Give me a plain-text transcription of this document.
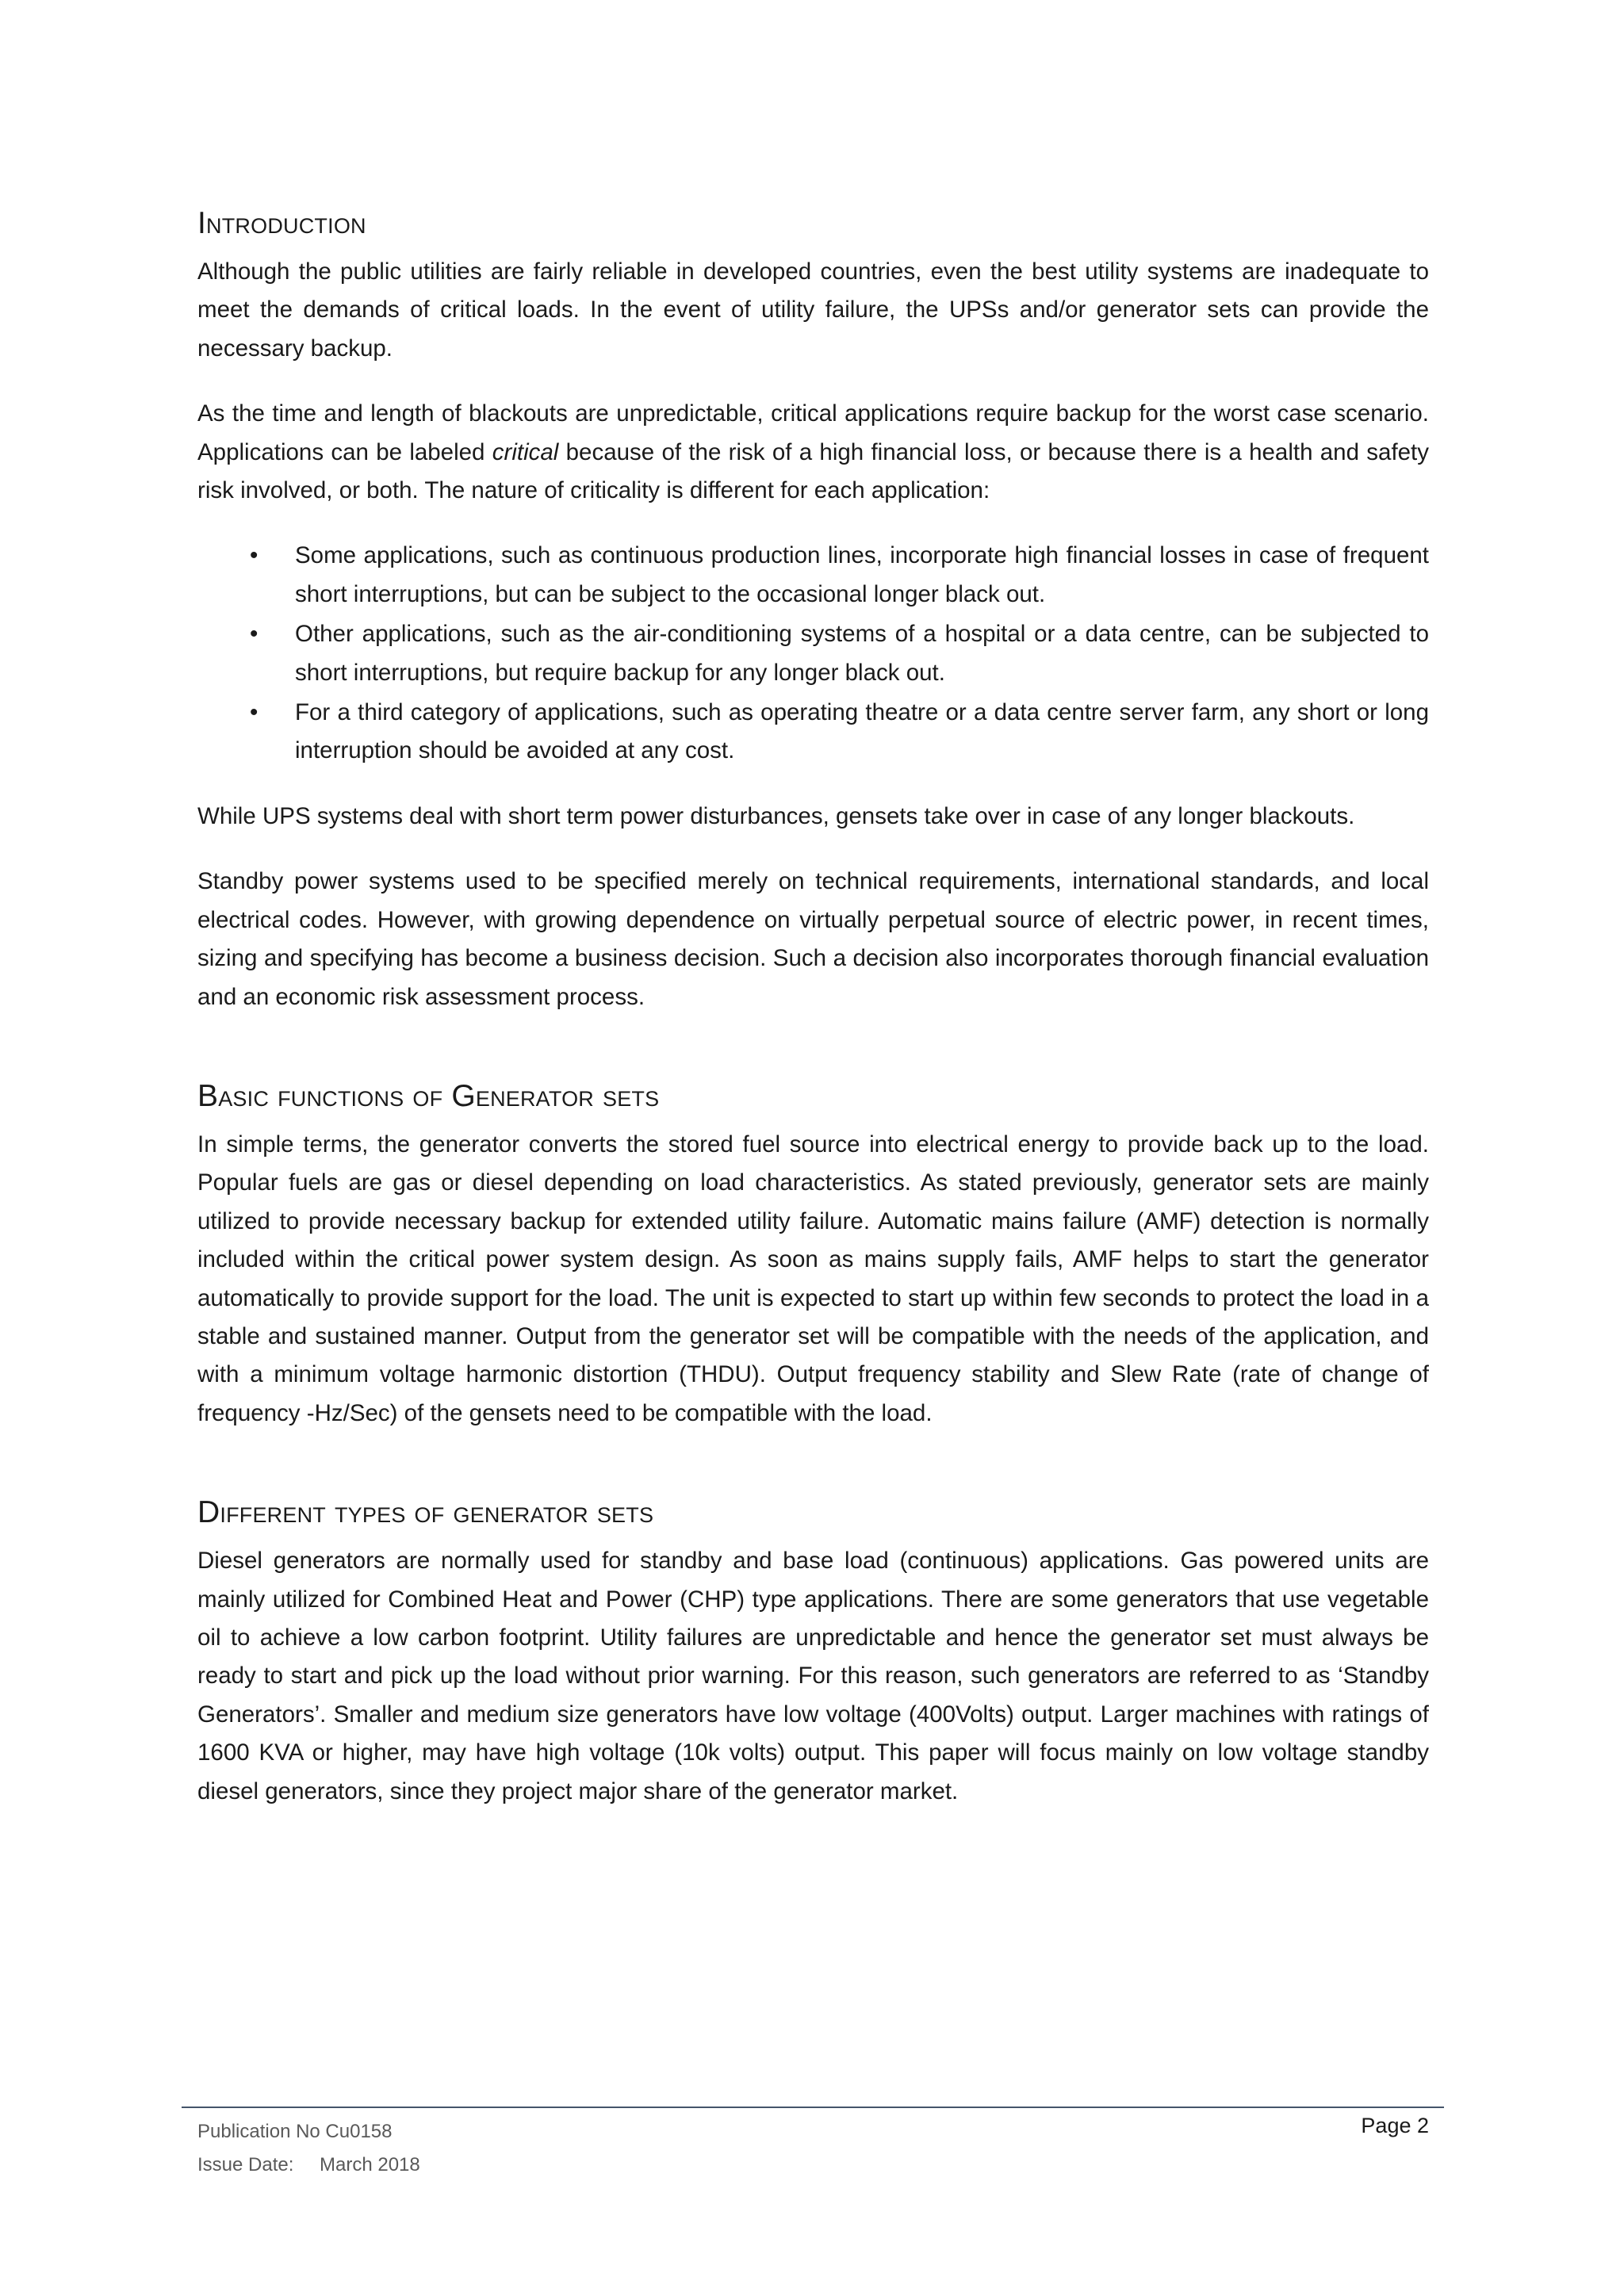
Introduction

Although the public utilities are fairly reliable in developed countries, even the best utility systems are inadequate to meet the demands of critical loads. In the event of utility failure, the UPSs and/or generator sets can provide the necessary backup.

As the time and length of blackouts are unpredictable, critical applications require backup for the worst case scenario. Applications can be labeled critical because of the risk of a high financial loss, or because there is a health and safety risk involved, or both. The nature of criticality is different for each application:

• Some applications, such as continuous production lines, incorporate high financial losses in case of frequent short interruptions, but can be subject to the occasional longer black out.
• Other applications, such as the air-conditioning systems of a hospital or a data centre, can be subjected to short interruptions, but require backup for any longer black out.
• For a third category of applications, such as operating theatre or a data centre server farm, any short or long interruption should be avoided at any cost.

While UPS systems deal with short term power disturbances, gensets take over in case of any longer blackouts.

Standby power systems used to be specified merely on technical requirements, international standards, and local electrical codes. However, with growing dependence on virtually perpetual source of electric power, in recent times, sizing and specifying has become a business decision. Such a decision also incorporates thorough financial evaluation and an economic risk assessment process.

Basic functions of Generator sets

In simple terms, the generator converts the stored fuel source into electrical energy to provide back up to the load. Popular fuels are gas or diesel depending on load characteristics. As stated previously, generator sets are mainly utilized to provide necessary backup for extended utility failure. Automatic mains failure (AMF) detection is normally included within the critical power system design. As soon as mains supply fails, AMF helps to start the generator automatically to provide support for the load. The unit is expected to start up within few seconds to protect the load in a stable and sustained manner. Output from the generator set will be compatible with the needs of the application, and with a minimum voltage harmonic distortion (THDU). Output frequency stability and Slew Rate (rate of change of frequency -Hz/Sec) of the gensets need to be compatible with the load.

Different types of generator sets

Diesel generators are normally used for standby and base load (continuous) applications. Gas powered units are mainly utilized for Combined Heat and Power (CHP) type applications. There are some generators that use vegetable oil to achieve a low carbon footprint. Utility failures are unpredictable and hence the generator set must always be ready to start and pick up the load without prior warning. For this reason, such generators are referred to as ‘Standby Generators’. Smaller and medium size generators have low voltage (400Volts) output. Larger machines with ratings of 1600 KVA or higher, may have high voltage (10k volts) output. This paper will focus mainly on low voltage standby diesel generators, since they project major share of the generator market.

Publication No Cu0158
Issue Date: March 2018
Page 2
